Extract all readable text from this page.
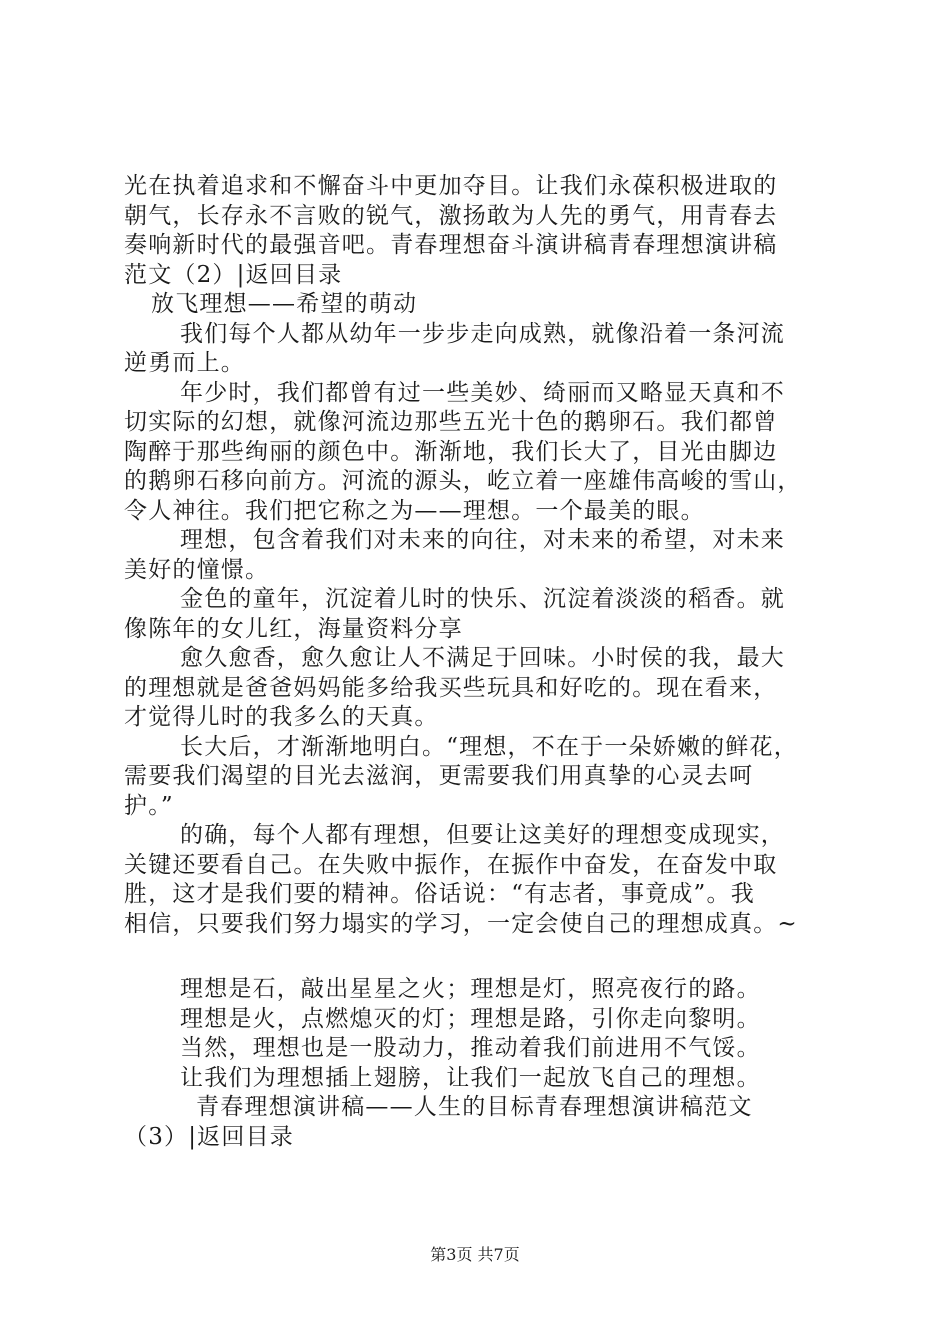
光在执着追求和不懈奋斗中更加夺目。让我们永葆积极进取的
朝气，长存永不言败的锐气，激扬敢为人先的勇气，用青春去
奏响新时代的最强音吧。青春理想奋斗演讲稿青春理想演讲稿
范文（2）|返回目录
放飞理想——希望的萌动
我们每个人都从幼年一步步走向成熟，就像沿着一条河流
逆勇而上。
年少时，我们都曾有过一些美妙、绮丽而又略显天真和不
切实际的幻想，就像河流边那些五光十色的鹅卵石。我们都曾
陶醉于那些绚丽的颜色中。渐渐地，我们长大了，目光由脚边
的鹅卵石移向前方。河流的源头，屹立着一座雄伟高峻的雪山，
令人神往。我们把它称之为——理想。一个最美的眼。
理想，包含着我们对未来的向往，对未来的希望，对未来
美好的憧憬。
金色的童年，沉淀着儿时的快乐、沉淀着淡淡的稻香。就
像陈年的女儿红，海量资料分享
愈久愈香，愈久愈让人不满足于回味。小时侯的我，最大
的理想就是爸爸妈妈能多给我买些玩具和好吃的。现在看来，
才觉得儿时的我多么的天真。
长大后，才渐渐地明白。“理想，不在于一朵娇嫩的鲜花，
需要我们渴望的目光去滋润，更需要我们用真挚的心灵去呵
护。”
的确，每个人都有理想，但要让这美好的理想变成现实，
关键还要看自己。在失败中振作，在振作中奋发，在奋发中取
胜，这才是我们要的精神。俗话说：“有志者，事竟成”。我
相信，只要我们努力塌实的学习，一定会使自己的理想成真。~
理想是石，敲出星星之火；理想是灯，照亮夜行的路。
理想是火，点燃熄灭的灯；理想是路，引你走向黎明。
当然，理想也是一股动力，推动着我们前进用不气馁。
让我们为理想插上翅膀，让我们一起放飞自己的理想。
青春理想演讲稿——人生的目标青春理想演讲稿范文
（3）|返回目录
第3页 共7页
